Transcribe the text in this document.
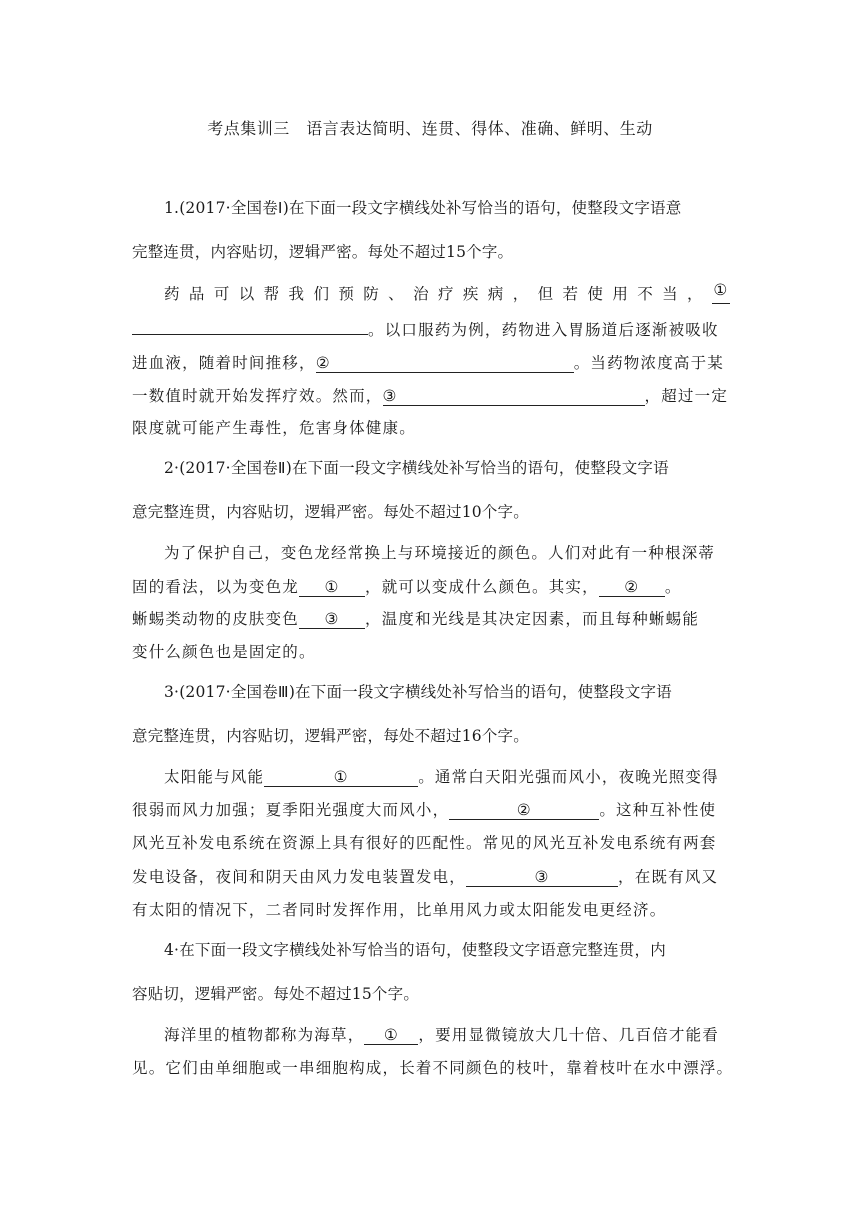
考点集训三　语言表达简明、连贯、得体、准确、鲜明、生动
1.(2017·全国卷Ⅰ)在下面一段文字横线处补写恰当的语句，使整段文字语意
完整连贯，内容贴切，逻辑严密。每处不超过15个字。
药 品 可 以 帮 我 们 预 防 、 治 疗 疾 病 ， 但 若 使 用 不 当 ， ①
。以口服药为例，药物进入胃肠道后逐渐被吸收
进血液，随着时间推移，②	。当药物浓度高于某
一数值时就开始发挥疗效。然而，③	，超过一定
限度就可能产生毒性，危害身体健康。
2·(2017·全国卷Ⅱ)在下面一段文字横线处补写恰当的语句，使整段文字语
意完整连贯，内容贴切，逻辑严密。每处不超过10个字。
为了保护自己，变色龙经常换上与环境接近的颜色。人们对此有一种根深蒂
固的看法，以为变色龙 ① ，就可以变成什么颜色。其实， ② 。
蜥蜴类动物的皮肤变色 ③ ，温度和光线是其决定因素，而且每种蜥蜴能
变什么颜色也是固定的。
3·(2017·全国卷Ⅲ)在下面一段文字横线处补写恰当的语句，使整段文字语
意完整连贯，内容贴切，逻辑严密，每处不超过16个字。
太阳能与风能	①	。通常白天阳光强而风小，夜晚光照变得
很弱而风力加强；夏季阳光强度大而风小，	②	。这种互补性使
风光互补发电系统在资源上具有很好的匹配性。常见的风光互补发电系统有两套
发电设备，夜间和阴天由风力发电装置发电，	③	，在既有风又
有太阳的情况下，二者同时发挥作用，比单用风力或太阳能发电更经济。
4·在下面一段文字横线处补写恰当的语句，使整段文字语意完整连贯，内
容贴切，逻辑严密。每处不超过15个字。
海洋里的植物都称为海草， ① ，要用显微镜放大几十倍、几百倍才能看
见。它们由单细胞或一串细胞构成，长着不同颜色的枝叶，靠着枝叶在水中漂浮。
